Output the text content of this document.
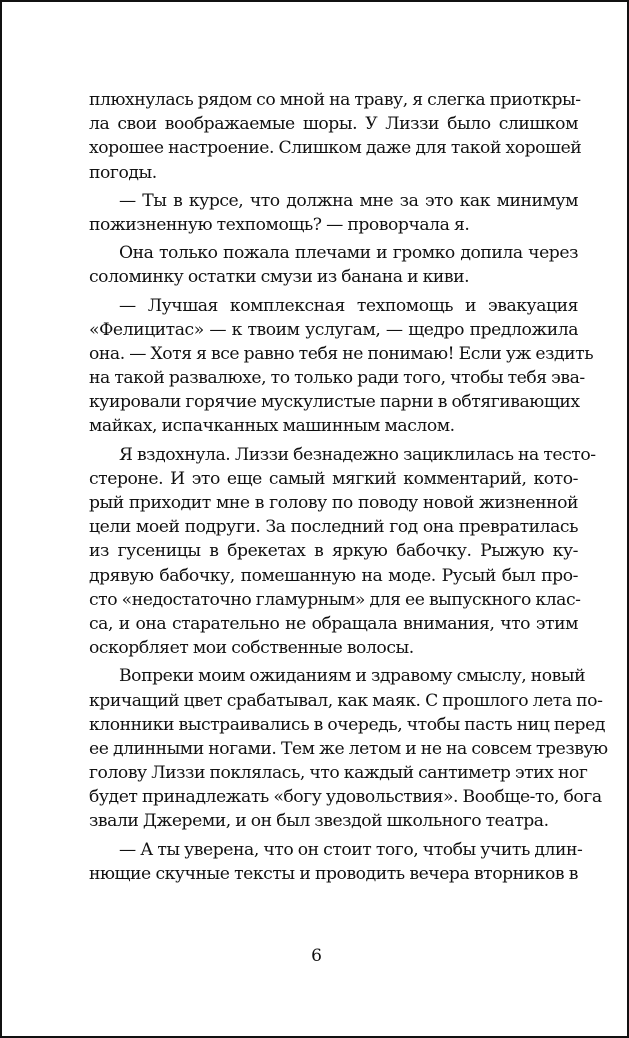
плюхнулась рядом со мной на траву, я слегка приоткры-
ла свои воображаемые шоры. У Лиззи было слишком
хорошее настроение. Слишком даже для такой хорошей
погоды.
— Ты в курсе, что должна мне за это как минимум
пожизненную техпомощь? — проворчала я.
Она только пожала плечами и громко допила через
соломинку остатки смузи из банана и киви.
— Лучшая комплексная техпомощь и эвакуация
«Фелицитас» — к твоим услугам, — щедро предложила
она. — Хотя я все равно тебя не понимаю! Если уж ездить
на такой развалюхе, то только ради того, чтобы тебя эва-
куировали горячие мускулистые парни в обтягивающих
майках, испачканных машинным маслом.
Я вздохнула. Лиззи безнадежно зациклилась на тесто-
стероне. И это еще самый мягкий комментарий, кото-
рый приходит мне в голову по поводу новой жизненной
цели моей подруги. За последний год она превратилась
из гусеницы в брекетах в яркую бабочку. Рыжую ку-
дрявую бабочку, помешанную на моде. Русый был про-
сто «недостаточно гламурным» для ее выпускного клас-
са, и она старательно не обращала внимания, что этим
оскорбляет мои собственные волосы.
Вопреки моим ожиданиям и здравому смыслу, новый
кричащий цвет срабатывал, как маяк. С прошлого лета по-
клонники выстраивались в очередь, чтобы пасть ниц перед
ее длинными ногами. Тем же летом и не на совсем трезвую
голову Лиззи поклялась, что каждый сантиметр этих ног
будет принадлежать «богу удовольствия». Вообще-то, бога
звали Джереми, и он был звездой школьного театра.
— А ты уверена, что он стоит того, чтобы учить длин-
нющие скучные тексты и проводить вечера вторников в
6
